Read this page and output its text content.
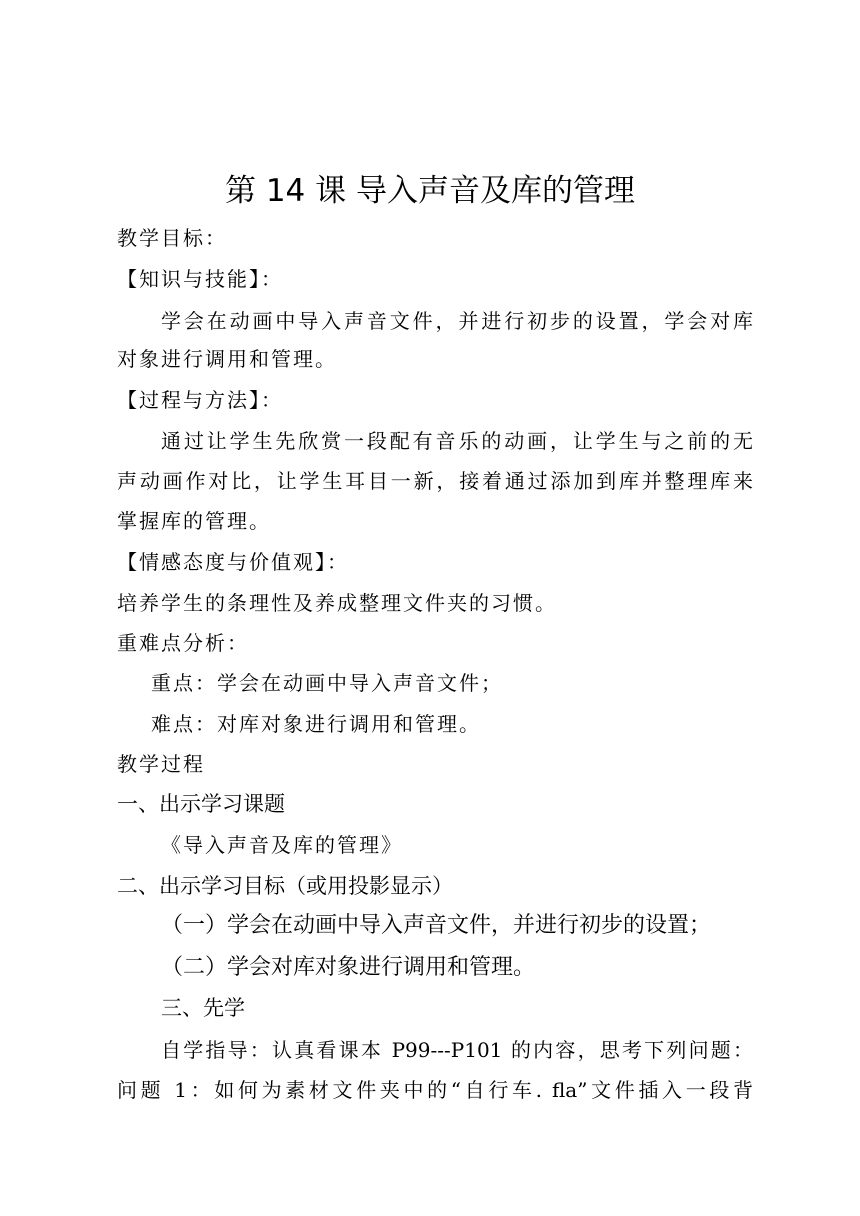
第 14 课 导入声音及库的管理
教学目标：
【知识与技能】：
学会在动画中导入声音文件，并进行初步的设置，学会对库
对象进行调用和管理。
【过程与方法】：
通过让学生先欣赏一段配有音乐的动画，让学生与之前的无
声动画作对比，让学生耳目一新，接着通过添加到库并整理库来
掌握库的管理。
【情感态度与价值观】：
培养学生的条理性及养成整理文件夹的习惯。
重难点分析：
重点：学会在动画中导入声音文件；
难点：对库对象进行调用和管理。
教学过程
一、出示学习课题
《导入声音及库的管理》
二、出示学习目标（或用投影显示）
（一）学会在动画中导入声音文件，并进行初步的设置；
（二）学会对库对象进行调用和管理。
三、先学
自学指导：认真看课本 P99---P101 的内容，思考下列问题：
问题 1：如何为素材文件夹中的“自行车. fla”文件插入一段背
